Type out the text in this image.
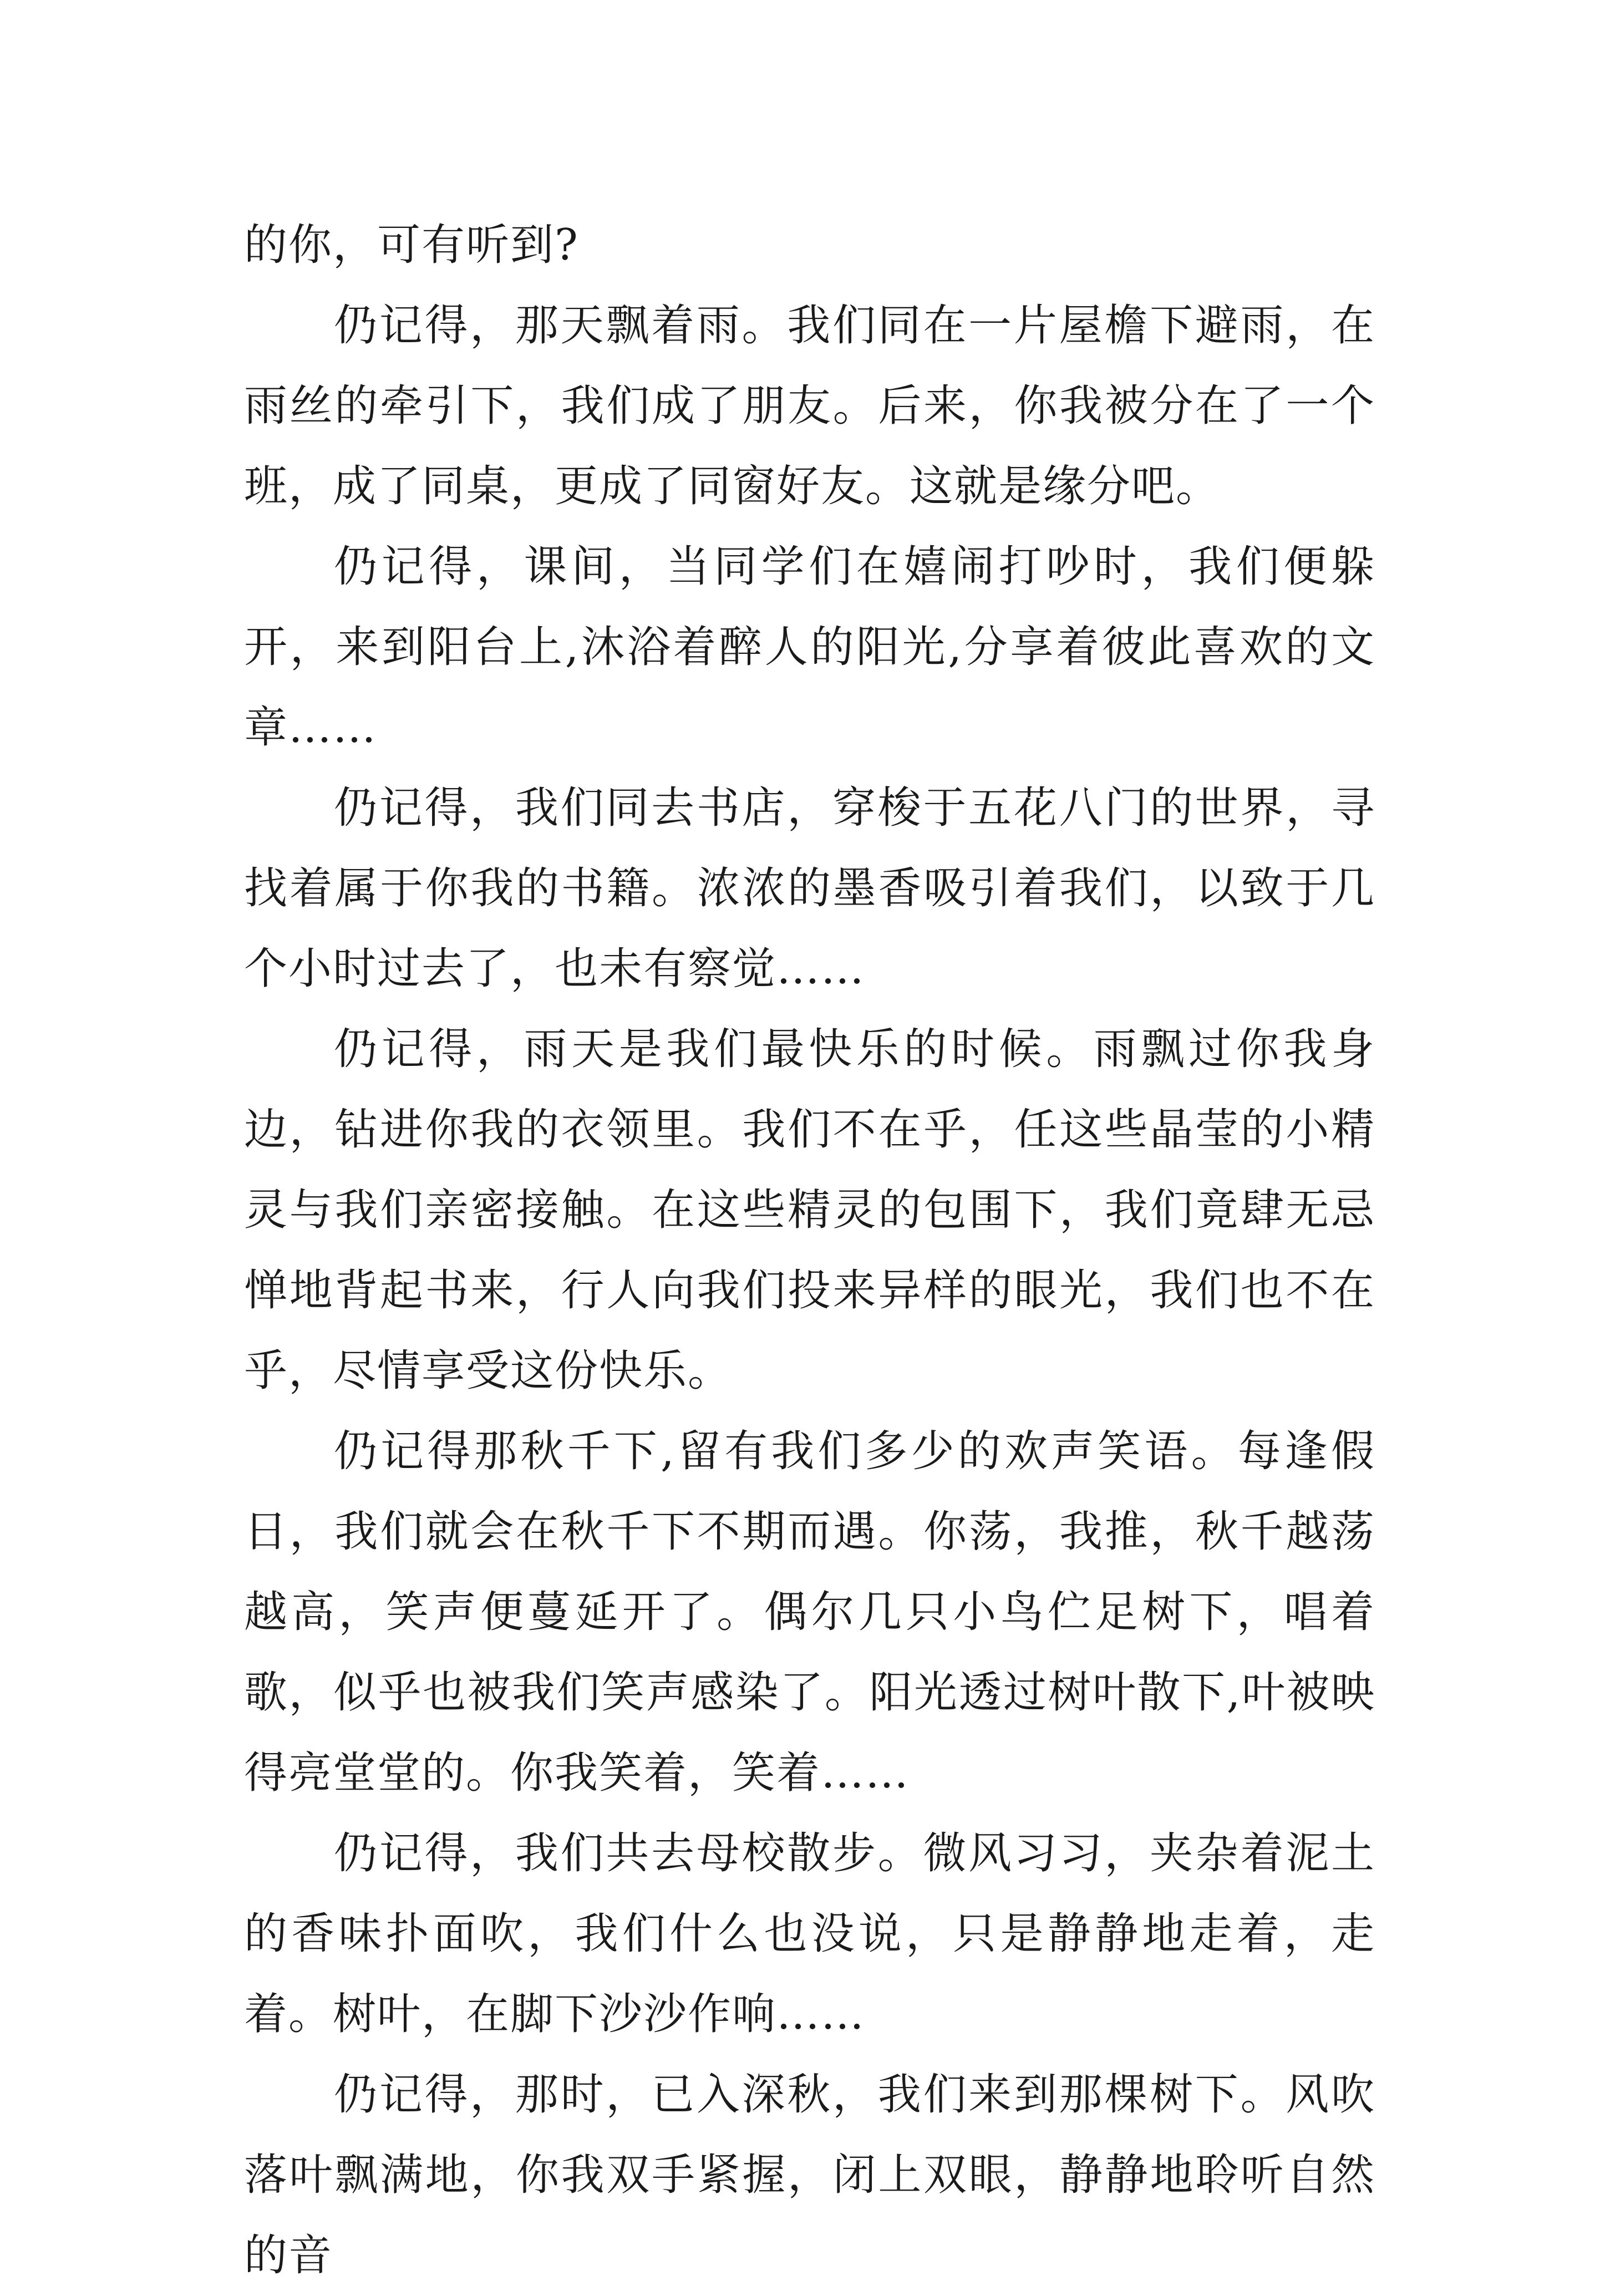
的你，可有听到?

仍记得，那天飘着雨。我们同在一片屋檐下避雨，在雨丝的牵引下，我们成了朋友。后来，你我被分在了一个班，成了同桌，更成了同窗好友。这就是缘分吧。

仍记得，课间，当同学们在嬉闹打吵时，我们便躲开，来到阳台上,沐浴着醉人的阳光,分享着彼此喜欢的文章……

仍记得，我们同去书店，穿梭于五花八门的世界，寻找着属于你我的书籍。浓浓的墨香吸引着我们，以致于几个小时过去了，也未有察觉……

仍记得，雨天是我们最快乐的时候。雨飘过你我身边，钻进你我的衣领里。我们不在乎，任这些晶莹的小精灵与我们亲密接触。在这些精灵的包围下，我们竟肆无忌惮地背起书来，行人向我们投来异样的眼光，我们也不在乎，尽情享受这份快乐。

仍记得那秋千下,留有我们多少的欢声笑语。每逢假日，我们就会在秋千下不期而遇。你荡，我推，秋千越荡越高，笑声便蔓延开了。偶尔几只小鸟伫足树下，唱着歌，似乎也被我们笑声感染了。阳光透过树叶散下,叶被映得亮堂堂的。你我笑着，笑着……

仍记得，我们共去母校散步。微风习习，夹杂着泥土的香味扑面吹，我们什么也没说，只是静静地走着，走着。树叶，在脚下沙沙作响……

仍记得，那时，已入深秋，我们来到那棵树下。风吹落叶飘满地，你我双手紧握，闭上双眼，静静地聆听自然的音
